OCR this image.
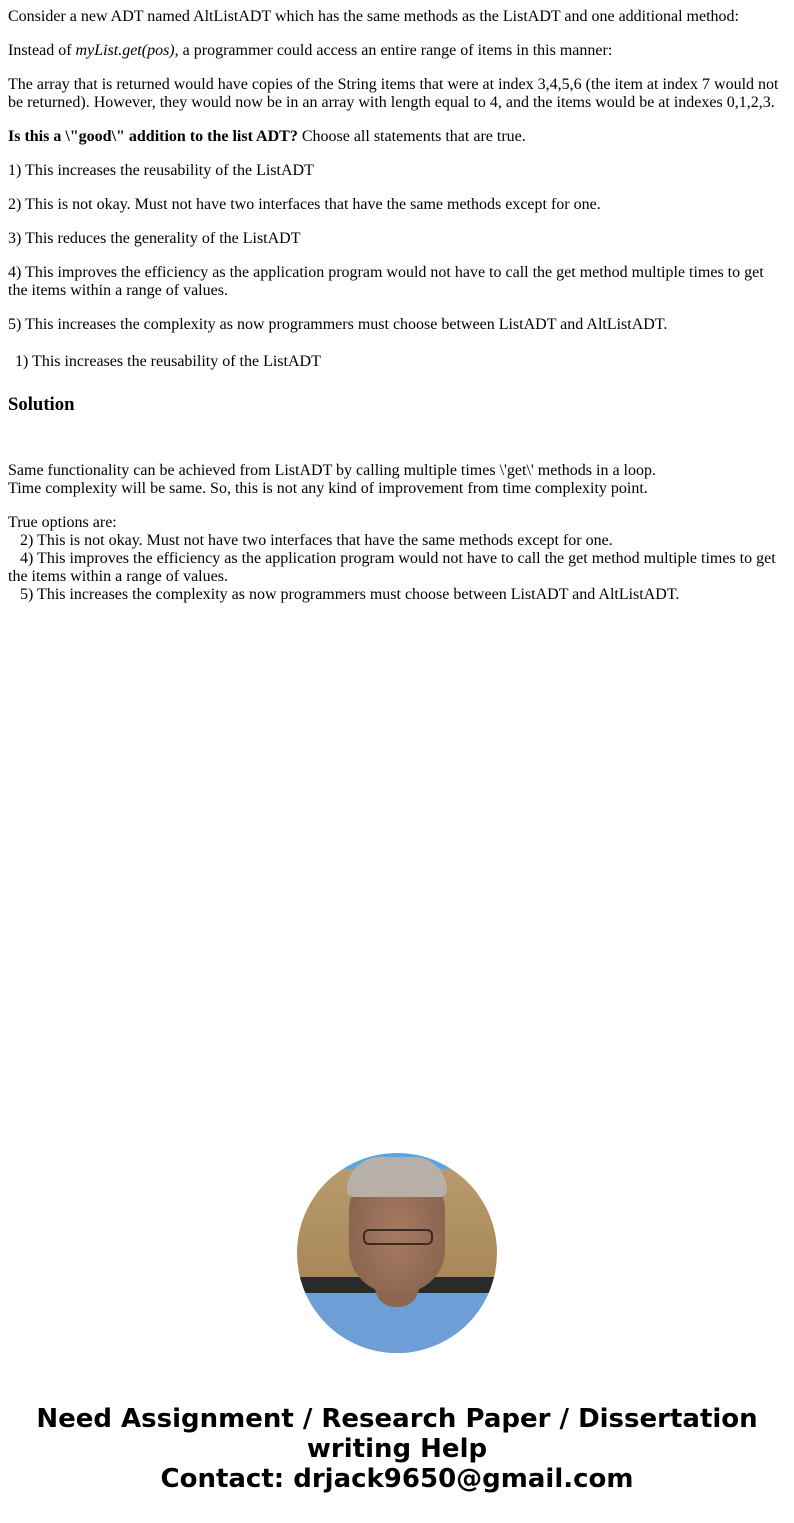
Consider a new ADT named AltListADT which has the same methods as the ListADT and one additional method:

Instead of myList.get(pos), a programmer could access an entire range of items in this manner:

The array that is returned would have copies of the String items that were at index 3,4,5,6 (the item at index 7 would not be returned). However, they would now be in an array with length equal to 4, and the items would be at indexes 0,1,2,3.

Is this a \"good\" addition to the list ADT? Choose all statements that are true.

1) This increases the reusability of the ListADT

2) This is not okay. Must not have two interfaces that have the same methods except for one.

3) This reduces the generality of the ListADT

4) This improves the efficiency as the application program would not have to call the get method multiple times to get the items within a range of values.

5) This increases the complexity as now programmers must choose between ListADT and AltListADT.

1) This increases the reusability of the ListADT
Solution
Same functionality can be achieved from ListADT by calling multiple times \'get\' methods in a loop.
Time complexity will be same. So, this is not any kind of improvement from time complexity point.
True options are:
2) This is not okay. Must not have two interfaces that have the same methods except for one.
4) This improves the efficiency as the application program would not have to call the get method multiple times to get the items within a range of values.
5) This increases the complexity as now programmers must choose between ListADT and AltListADT.
Need Assignment / Research Paper / Dissertation
writing Help
Contact: drjack9650@gmail.com
